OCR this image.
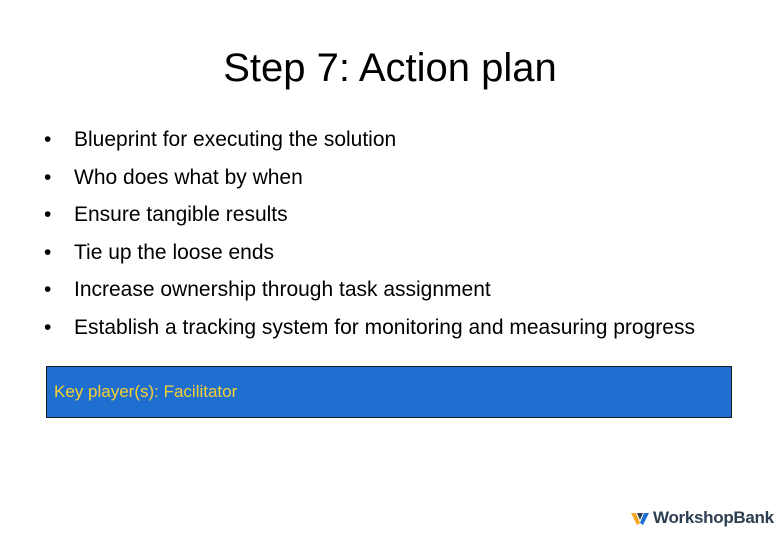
Step 7: Action plan
• Blueprint for executing the solution
• Who does what by when
• Ensure tangible results
• Tie up the loose ends
• Increase ownership through task assignment
• Establish a tracking system for monitoring and measuring progress
Key player(s): Facilitator
WorkshopBank
